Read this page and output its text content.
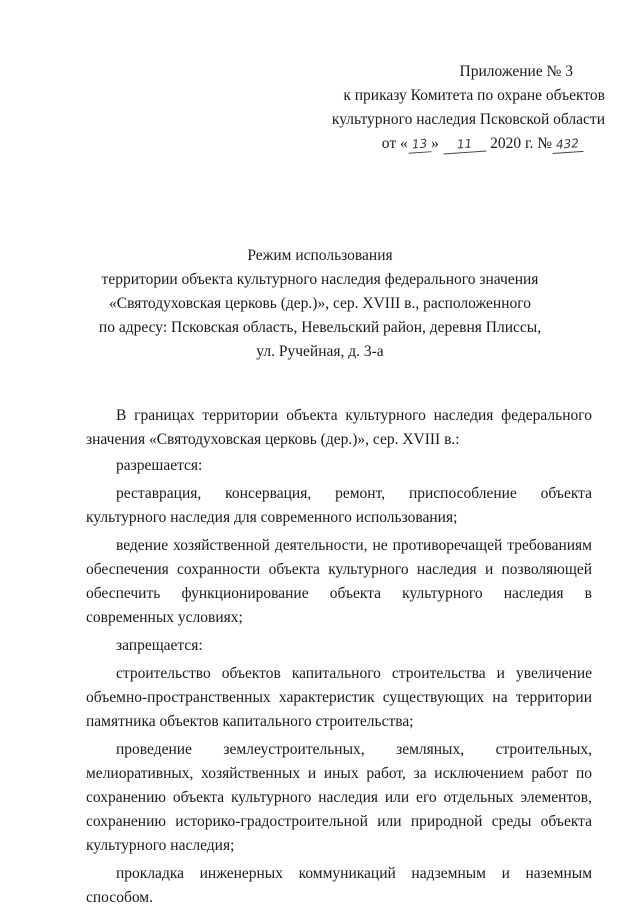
Приложение № 3
к приказу Комитета по охране объектов
культурного наследия Псковской области
от « 13 » 11 2020 г. № 432
Режим использования
территории объекта культурного наследия федерального значения
«Святодуховская церковь (дер.)», сер. XVIII в., расположенного
по адресу: Псковская область, Невельский район, деревня Плиссы,
ул. Ручейная, д. 3-а

В границах территории объекта культурного наследия федерального значения «Святодуховская церковь (дер.)», сер. XVIII в.:

разрешается:

реставрация, консервация, ремонт, приспособление объекта культурного наследия для современного использования;

ведение хозяйственной деятельности, не противоречащей требованиям обеспечения сохранности объекта культурного наследия и позволяющей обеспечить функционирование объекта культурного наследия в современных условиях;

запрещается:

строительство объектов капитального строительства и увеличение объемно-пространственных характеристик существующих на территории памятника объектов капитального строительства;

проведение землеустроительных, земляных, строительных, мелиоративных, хозяйственных и иных работ, за исключением работ по сохранению объекта культурного наследия или его отдельных элементов, сохранению историко-градостроительной или природной среды объекта культурного наследия;

прокладка инженерных коммуникаций надземным и наземным способом.
